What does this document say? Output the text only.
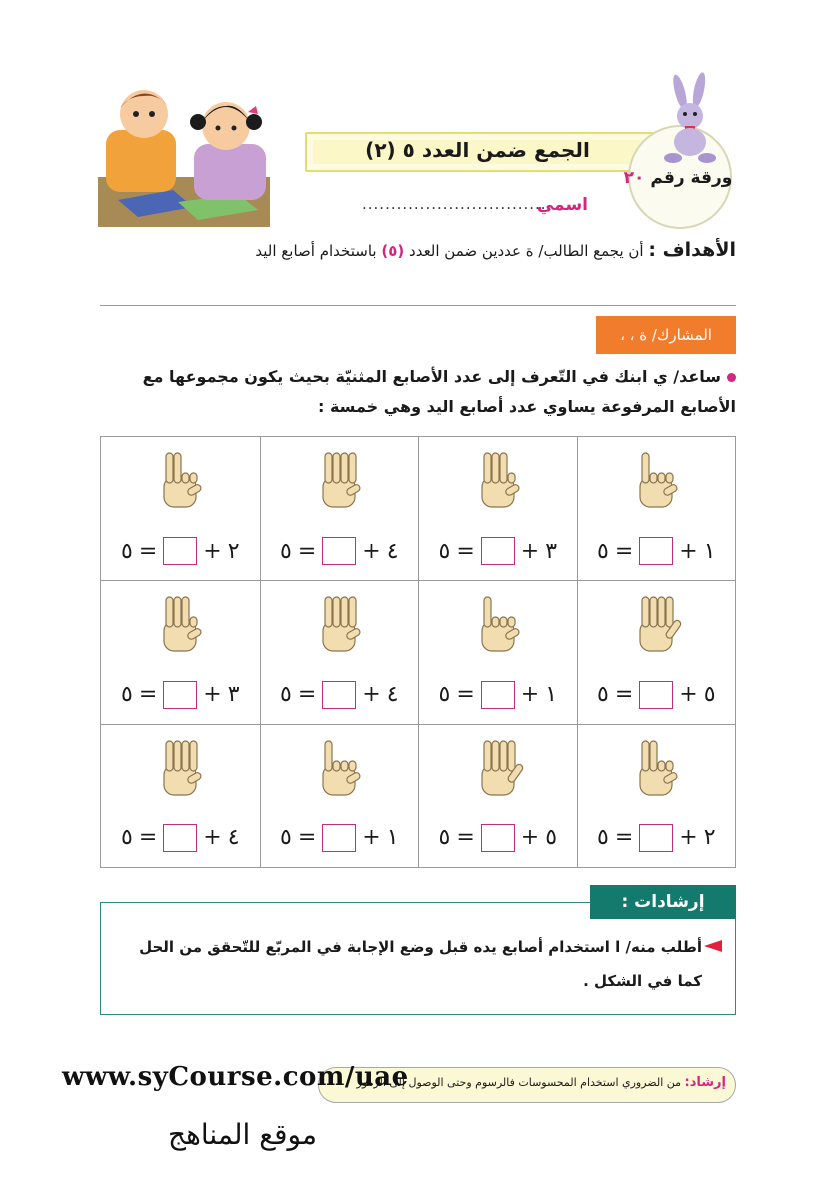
الجمع ضمن العدد ٥ (٢)
ورقة رقم ٢٠
اسمي
................................
الأهداف : أن يجمع الطالب/ ة عددين ضمن العدد (٥) باستخدام أصابع اليد
المشارك/ ة ، ،
ساعد/ ي ابنك في التّعرف إلى عدد الأصابع المثنيّة بحيث يكون مجموعها مع الأصابع المرفوعة يساوي عدد أصابع اليد وهي خمسة :
٥ = + ١
٥ = + ٣
٥ = + ٤
٥ = + ٢
٥ = + ٥
٥ = + ١
٥ = + ٤
٥ = + ٣
٥ = + ٢
٥ = + ٥
٥ = + ١
٥ = + ٤
إرشادات :
أطلب منه/ ا استخدام أصابع يده قبل وضع الإجابة في المربّع للتّحقق من الحل كما في الشكل .
إرشاد: من الضروري استخدام المحسوسات فالرسوم وحتى الوصول إلى الرموز
www.syCourse.com/uae
موقع المناهج
